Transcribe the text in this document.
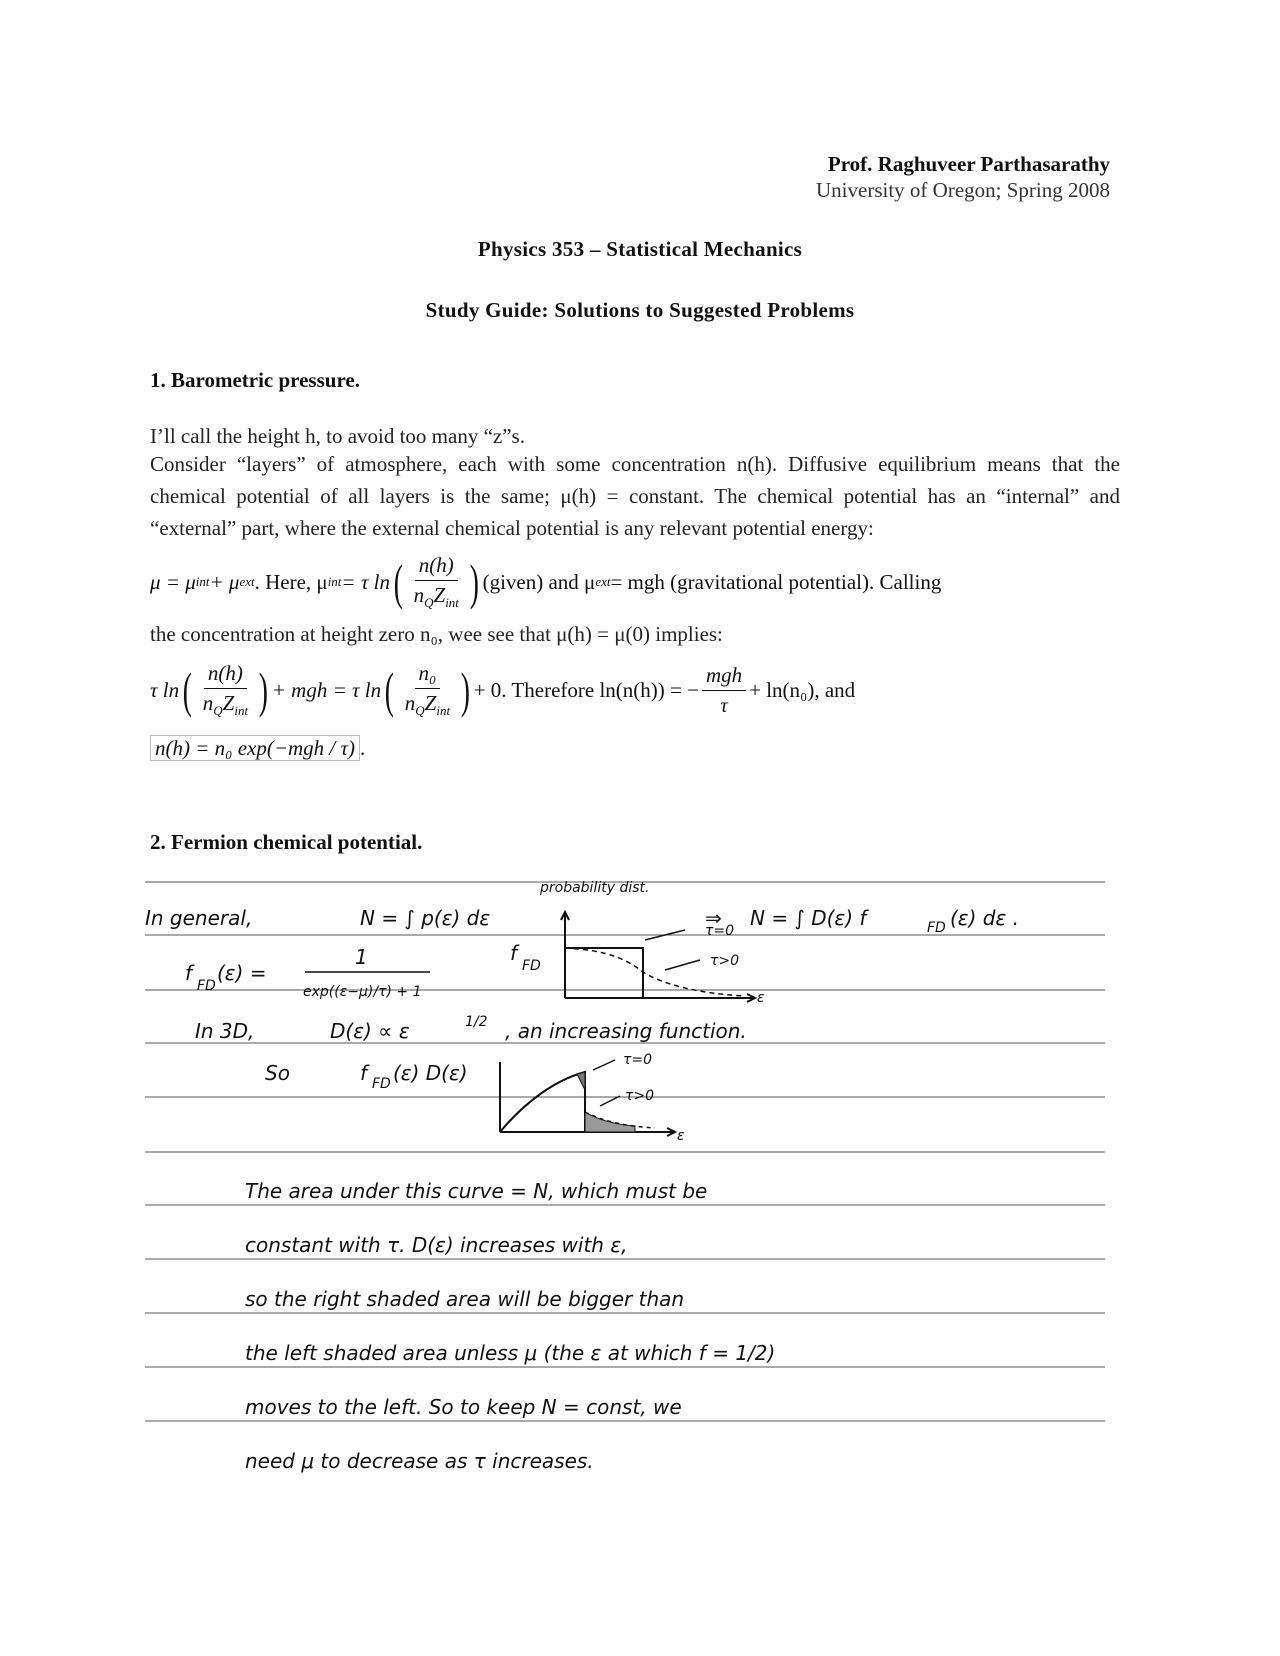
Prof. Raghuveer Parthasarathy
University of Oregon; Spring 2008
Physics 353 – Statistical Mechanics
Study Guide: Solutions to Suggested Problems
1. Barometric pressure.
I’ll call the height h, to avoid too many “z”s.
Consider “layers” of atmosphere, each with some concentration n(h). Diffusive equilibrium means that the chemical potential of all layers is the same; μ(h) = constant. The chemical potential has an “internal” and “external” part, where the external chemical potential is any relevant potential energy:
μ = μ int + μ ext . Here, μ int = τ ln ( $\frac{n(h)}{n_QZ_{int}}$ ) (given) and μ ext = mgh (gravitational potential). Calling
the concentration at height zero n₀, wee see that μ(h) = μ(0) implies:
τ ln ( $\frac{n(h)}{n_QZ_{int}}$ ) + mgh = τ ln ( $\frac{\text{n₀}}{n_QZ_{int}}$ ) + 0. Therefore ln(n(h)) = − $\frac{\text{mgh}}{\tau} + \ln(n_0)$, and
n(h) = n₀ exp(−mgh / τ) .
2. Fermion chemical potential.
In general,	N = ∫ p(ε) dε
probability dist.
⇒ N = ∫ D(ε) f	FD (ε) dε .
f
FD
(ε) =
1
exp((ε−μ)/τ) + 1
f
FD
τ=0
τ>0
ε
In 3D,	D(ε) ∝ ε	1/2 , an increasing function.
So	f FD (ε) D(ε)
τ=0
τ>0
ε
The area under this curve = N, which must be
constant with τ. D(ε) increases with ε,
so the right shaded area will be bigger than
the left shaded area unless μ (the ε at which f = 1/2)
moves to the left. So to keep N = const, we
need μ to decrease as τ increases.
